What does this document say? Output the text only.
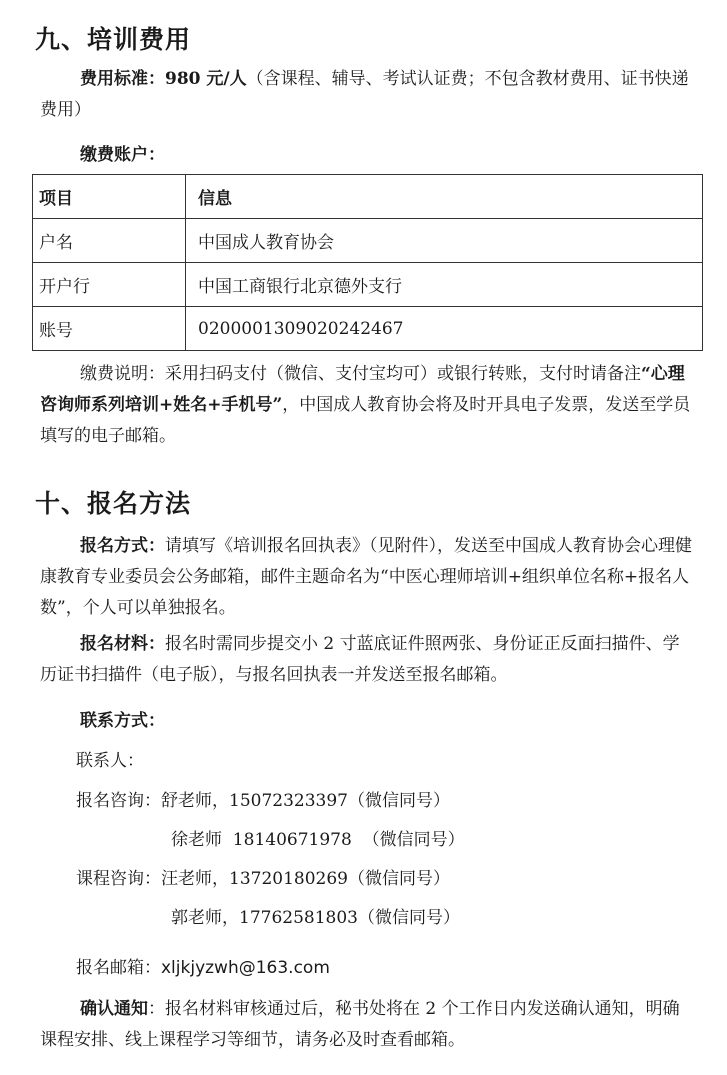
九、培训费用

费用标准：980 元/人（含课程、辅导、考试认证费；不包含教材费用、证书快递费用）

缴费账户：

项目	信息
户名	中国成人教育协会
开户行	中国工商银行北京德外支行
账号	0200001309020242467

缴费说明：采用扫码支付（微信、支付宝均可）或银行转账，支付时请备注“心理咨询师系列培训+姓名+手机号”，中国成人教育协会将及时开具电子发票，发送至学员填写的电子邮箱。

十、报名方法

报名方式：请填写《培训报名回执表》（见附件），发送至中国成人教育协会心理健康教育专业委员会公务邮箱，邮件主题命名为“中医心理师培训+组织单位名称+报名人数”，个人可以单独报名。

报名材料：报名时需同步提交小 2 寸蓝底证件照两张、身份证正反面扫描件、学历证书扫描件（电子版），与报名回执表一并发送至报名邮箱。

联系方式：

联系人：

报名咨询：舒老师，15072323397（微信同号）

徐老师  18140671978  （微信同号）

课程咨询：汪老师，13720180269（微信同号）

郭老师，17762581803（微信同号）

报名邮箱：xljkjyzwh@163.com

确认通知：报名材料审核通过后，秘书处将在 2 个工作日内发送确认通知，明确课程安排、线上课程学习等细节，请务必及时查看邮箱。
